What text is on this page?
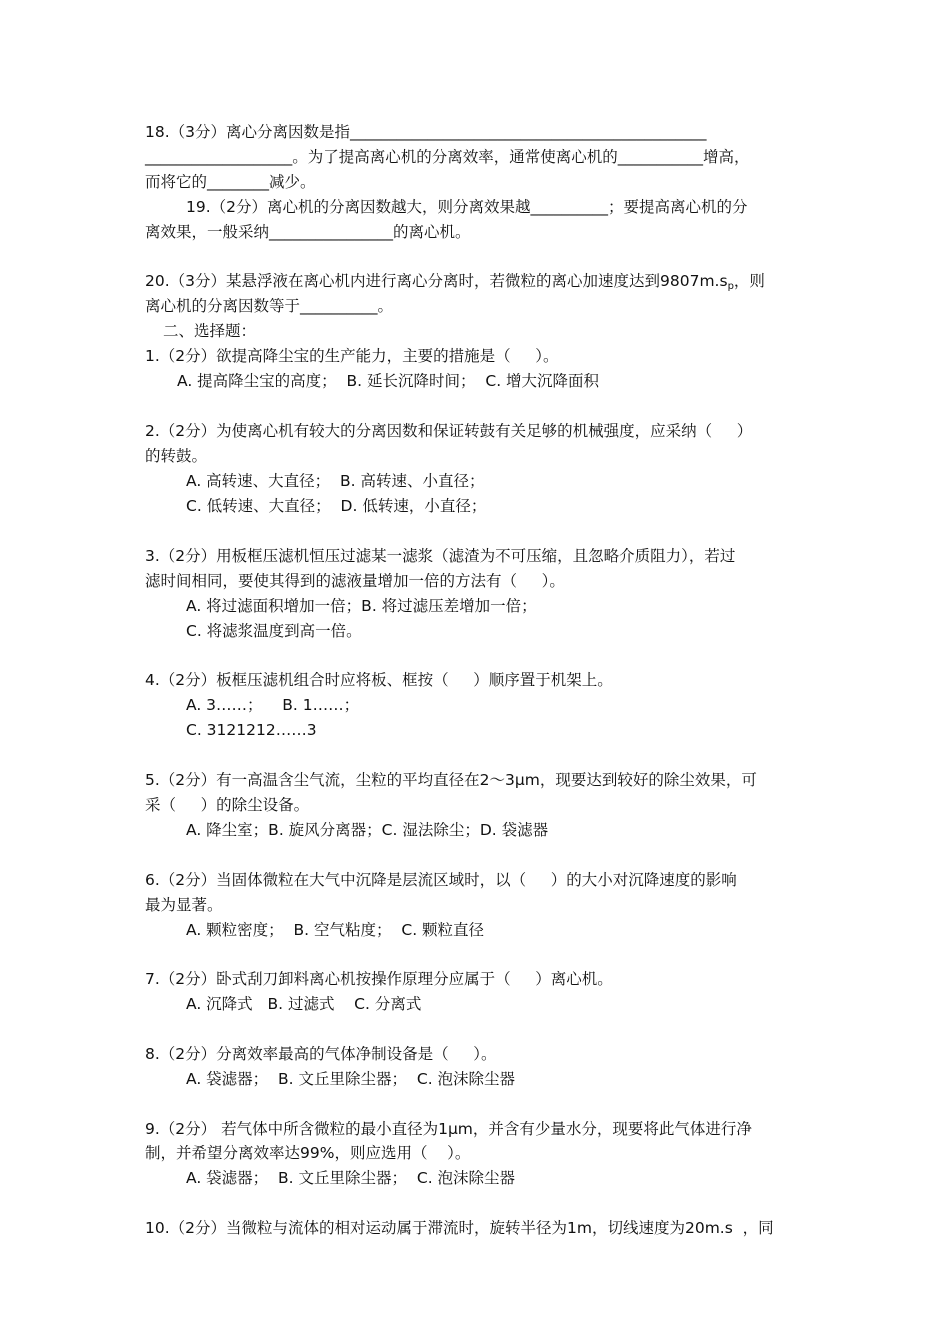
18.（3分）离心分离因数是指______________________________________________
___________________。为了提高离心机的分离效率，通常使离心机的___________增高，
而将它的________减少。
19.（2分）离心机的分离因数越大，则分离效果越__________；要提高离心机的分
离效果，一般采纳________________的离心机。
20.（3分）某悬浮液在离心机内进行离心分离时，若微粒的离心加速度达到$9807m.s_p$，则
离心机的分离因数等于__________。
二、选择题：
1.（2分）欲提高降尘宝的生产能力，主要的措施是（     ）。
A. 提高降尘宝的高度；  B. 延长沉降时间；  C. 增大沉降面积
2.（2分）为使离心机有较大的分离因数和保证转鼓有关足够的机械强度，应采纳（     ）
的转鼓。
A. 高转速、大直径；  B. 高转速、小直径；
C. 低转速、大直径；  D. 低转速，小直径；
3.（2分）用板框压滤机恒压过滤某一滤浆（滤渣为不可压缩，且忽略介质阻力），若过
滤时间相同，要使其得到的滤液量增加一倍的方法有（     ）。
A. 将过滤面积增加一倍；B. 将过滤压差增加一倍；
C. 将滤浆温度到高一倍。
4.（2分）板框压滤机组合时应将板、框按（     ）顺序置于机架上。
A. 3……；    B. 1……；
C. 3121212……3
5.（2分）有一高温含尘气流，尘粒的平均直径在2～3μm，现要达到较好的除尘效果，可
采（     ）的除尘设备。
A. 降尘室；B. 旋风分离器；C. 湿法除尘；D. 袋滤器
6.（2分）当固体微粒在大气中沉降是层流区域时，以（     ）的大小对沉降速度的影响
最为显著。
A. 颗粒密度；  B. 空气粘度；  C. 颗粒直径
7.（2分）卧式刮刀卸料离心机按操作原理分应属于（     ）离心机。
A. 沉降式   B. 过滤式    C. 分离式
8.（2分）分离效率最高的气体净制设备是（     ）。
A. 袋滤器；  B. 文丘里除尘器；  C. 泡沫除尘器
9.（2分） 若气体中所含微粒的最小直径为1μm，并含有少量水分，现要将此气体进行净
制，并希望分离效率达99%，则应选用（    ）。
A. 袋滤器；  B. 文丘里除尘器；  C. 泡沫除尘器
10.（2分）当微粒与流体的相对运动属于滞流时，旋转半径为1m，切线速度为20m.s  ，同
